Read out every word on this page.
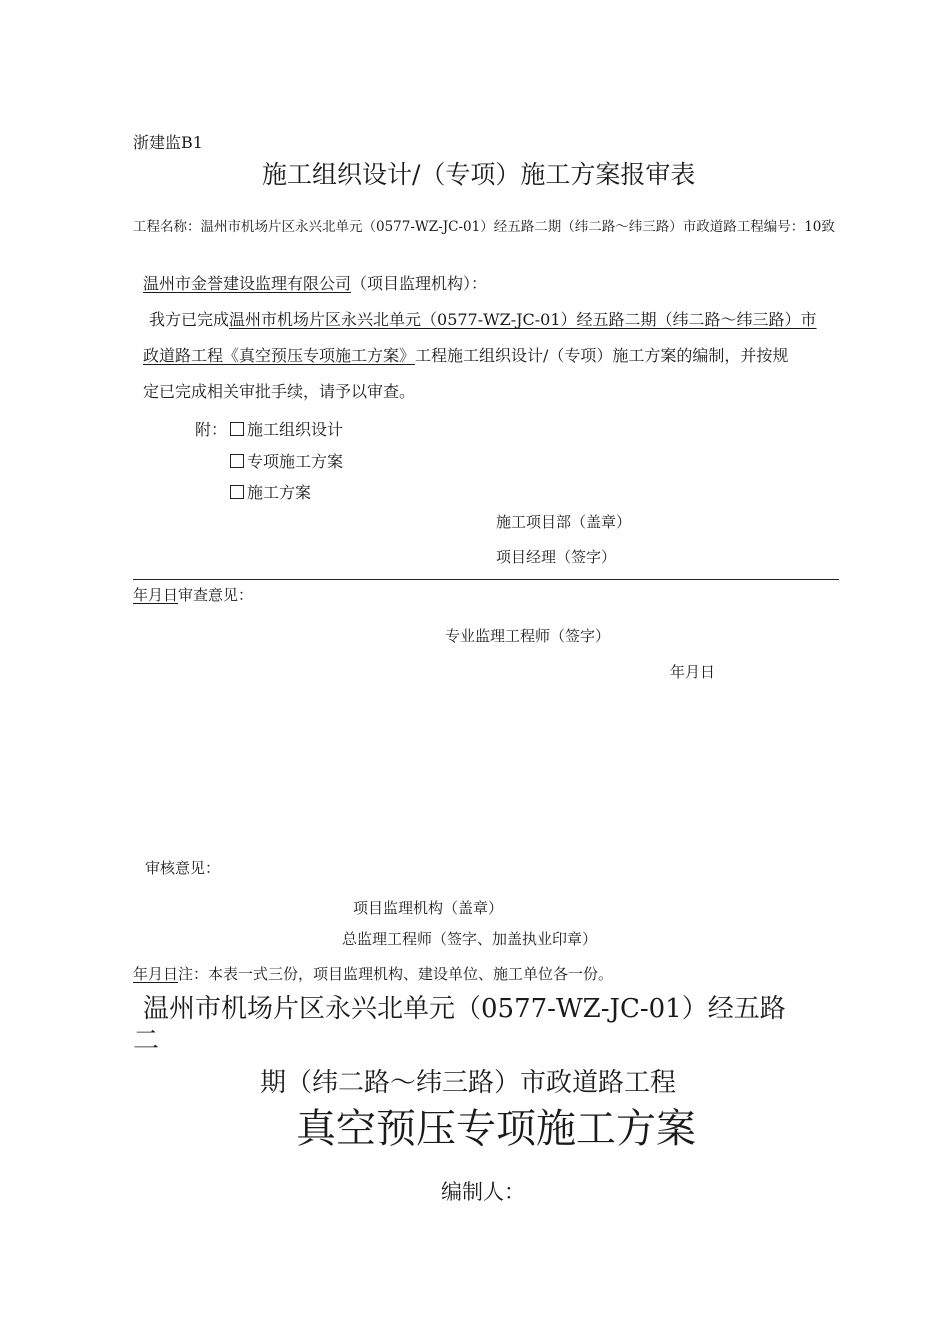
浙建监B1
施工组织设计/（专项）施工方案报审表
工程名称：温州市机场片区永兴北单元（0577-WZ-JC-01）经五路二期（纬二路〜纬三路）市政道路工程编号：10致
温州市金誉建设监理有限公司（项目监理机构）：
我方已完成温州市机场片区永兴北单元（0577-WZ-JC-01）经五路二期（纬二路〜纬三路）市
政道路工程《真空预压专项施工方案》工程施工组织设计/（专项）施工方案的编制，并按规
定已完成相关审批手续，请予以审查。
附：	施工组织设计
专项施工方案
施工方案
施工项目部（盖章）
项目经理（签字）
年月日审查意见：
专业监理工程师（签字）
年月日
审核意见：
项目监理机构（盖章）
总监理工程师（签字、加盖执业印章）
年月日注：本表一式三份，项目监理机构、建设单位、施工单位各一份。
温州市机场片区永兴北单元（0577-WZ-JC-01）经五路
二
期（纬二路〜纬三路）市政道路工程
真空预压专项施工方案
编制人：
